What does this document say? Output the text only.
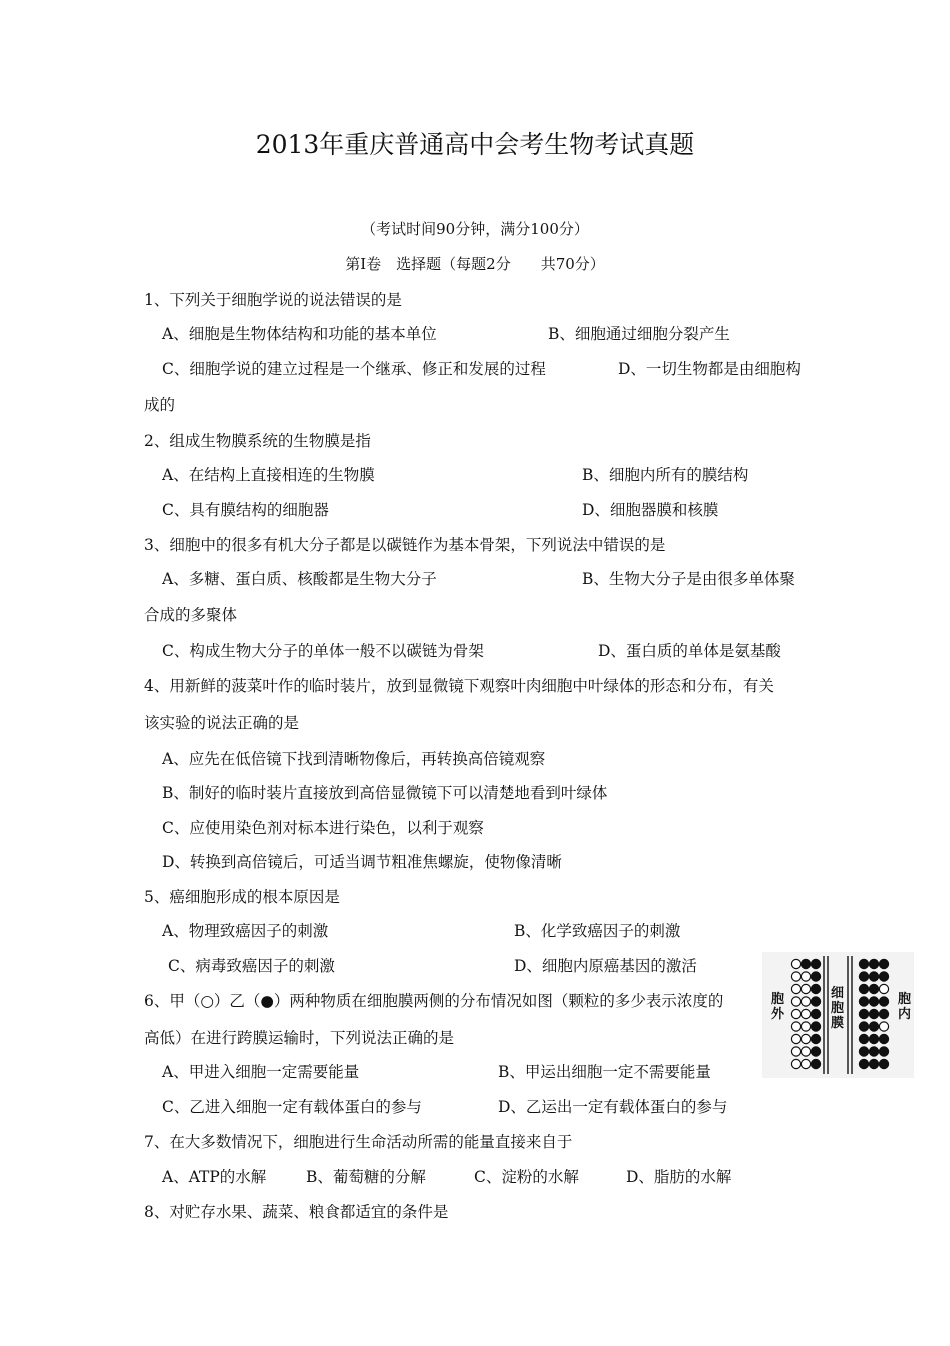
2013年重庆普通高中会考生物考试真题
（考试时间90分钟，满分100分）
第Ⅰ卷　选择题（每题2分　　共70分）
1、下列关于细胞学说的说法错误的是
A、细胞是生物体结构和功能的基本单位	B、细胞通过细胞分裂产生
C、细胞学说的建立过程是一个继承、修正和发展的过程	D、一切生物都是由细胞构
成的
2、组成生物膜系统的生物膜是指
A、在结构上直接相连的生物膜	B、细胞内所有的膜结构
C、具有膜结构的细胞器	D、细胞器膜和核膜
3、细胞中的很多有机大分子都是以碳链作为基本骨架，下列说法中错误的是
A、多糖、蛋白质、核酸都是生物大分子	B、生物大分子是由很多单体聚
合成的多聚体
C、构成生物大分子的单体一般不以碳链为骨架	D、蛋白质的单体是氨基酸
4、用新鲜的菠菜叶作的临时装片，放到显微镜下观察叶肉细胞中叶绿体的形态和分布，有关
该实验的说法正确的是
A、应先在低倍镜下找到清晰物像后，再转换高倍镜观察
B、制好的临时装片直接放到高倍显微镜下可以清楚地看到叶绿体
C、应使用染色剂对标本进行染色，以利于观察
D、转换到高倍镜后，可适当调节粗准焦螺旋，使物像清晰
5、癌细胞形成的根本原因是
A、物理致癌因子的刺激	B、化学致癌因子的刺激
C、病毒致癌因子的刺激	D、细胞内原癌基因的激活
6、甲（○）乙（●）两种物质在细胞膜两侧的分布情况如图（颗粒的多少表示浓度的
高低）在进行跨膜运输时，下列说法正确的是
A、甲进入细胞一定需要能量	B、甲运出细胞一定不需要能量
C、乙进入细胞一定有载体蛋白的参与	D、乙运出一定有载体蛋白的参与
胞外
细胞膜
胞内
7、在大多数情况下，细胞进行生命活动所需的能量直接来自于
A、ATP的水解	B、葡萄糖的分解	C、淀粉的水解	D、脂肪的水解
8、对贮存水果、蔬菜、粮食都适宜的条件是
